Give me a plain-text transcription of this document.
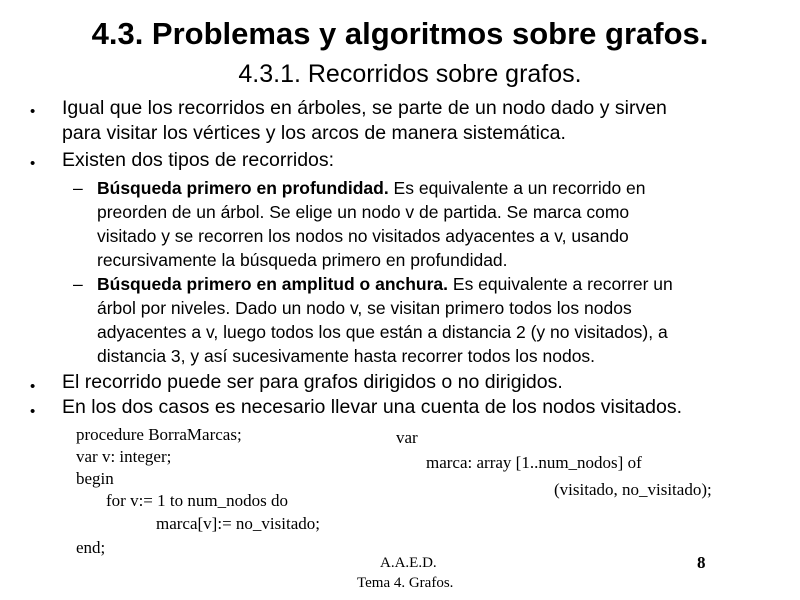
4.3. Problemas y algoritmos sobre grafos.
4.3.1. Recorridos sobre grafos.
• Igual que los recorridos en árboles, se parte de un nodo dado y sirven
para visitar los vértices y los arcos de manera sistemática.
• Existen dos tipos de recorridos:
– Búsqueda primero en profundidad. Es equivalente a un recorrido en
preorden de un árbol. Se elige un nodo v de partida. Se marca como
visitado y se recorren los nodos no visitados adyacentes a v, usando
recursivamente la búsqueda primero en profundidad.
– Búsqueda primero en amplitud o anchura. Es equivalente a recorrer un
árbol por niveles. Dado un nodo v, se visitan primero todos los nodos
adyacentes a v, luego todos los que están a distancia 2 (y no visitados), a
distancia 3, y así sucesivamente hasta recorrer todos los nodos.
• El recorrido puede ser para grafos dirigidos o no dirigidos.
• En los dos casos es necesario llevar una cuenta de los nodos visitados.
procedure BorraMarcas;
var v: integer;
begin
for v:= 1 to num_nodos do
marca[v]:= no_visitado;
end;
var
marca: array [1..num_nodos] of
(visitado, no_visitado);
A.A.E.D.
Tema 4. Grafos.
8
